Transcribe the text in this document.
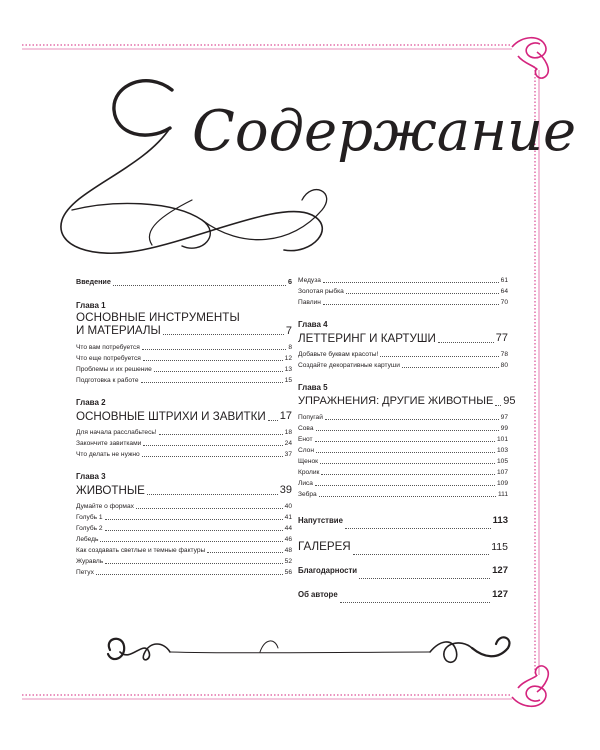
Содержание
Введение	6
Глава 1
ОСНОВНЫЕ ИНСТРУМЕНТЫ
И МАТЕРИАЛЫ	7
Что вам потребуется	8
Что еще потребуется	12
Проблемы и их решение	13
Подготовка к работе	15
Глава 2
ОСНОВНЫЕ ШТРИХИ И ЗАВИТКИ 17
Для начала расслабьтесь!	18
Закончите завитками	24
Что делать не нужно	37
Глава 3
ЖИВОТНЫЕ	39
Думайте о формах	40
Голубь 1	41
Голубь 2	44
Лебедь	46
Как создавать светлые и темные фактуры	48
Журавль	52
Петух	56
Медуза	61
Золотая рыбка	64
Павлин	70
Глава 4
ЛЕТТЕРИНГ И КАРТУШИ	77
Добавьте буквам красоты!	78
Создайте декоративные картуши	80
Глава 5
УПРАЖНЕНИЯ: ДРУГИЕ ЖИВОТНЫЕ 95
Попугай	97
Сова	99
Енот	101
Слон	103
Щенок	105
Кролик	107
Лиса	109
Зебра	111
Напутствие	113
ГАЛЕРЕЯ	115
Благодарности	127
Об авторе	127
